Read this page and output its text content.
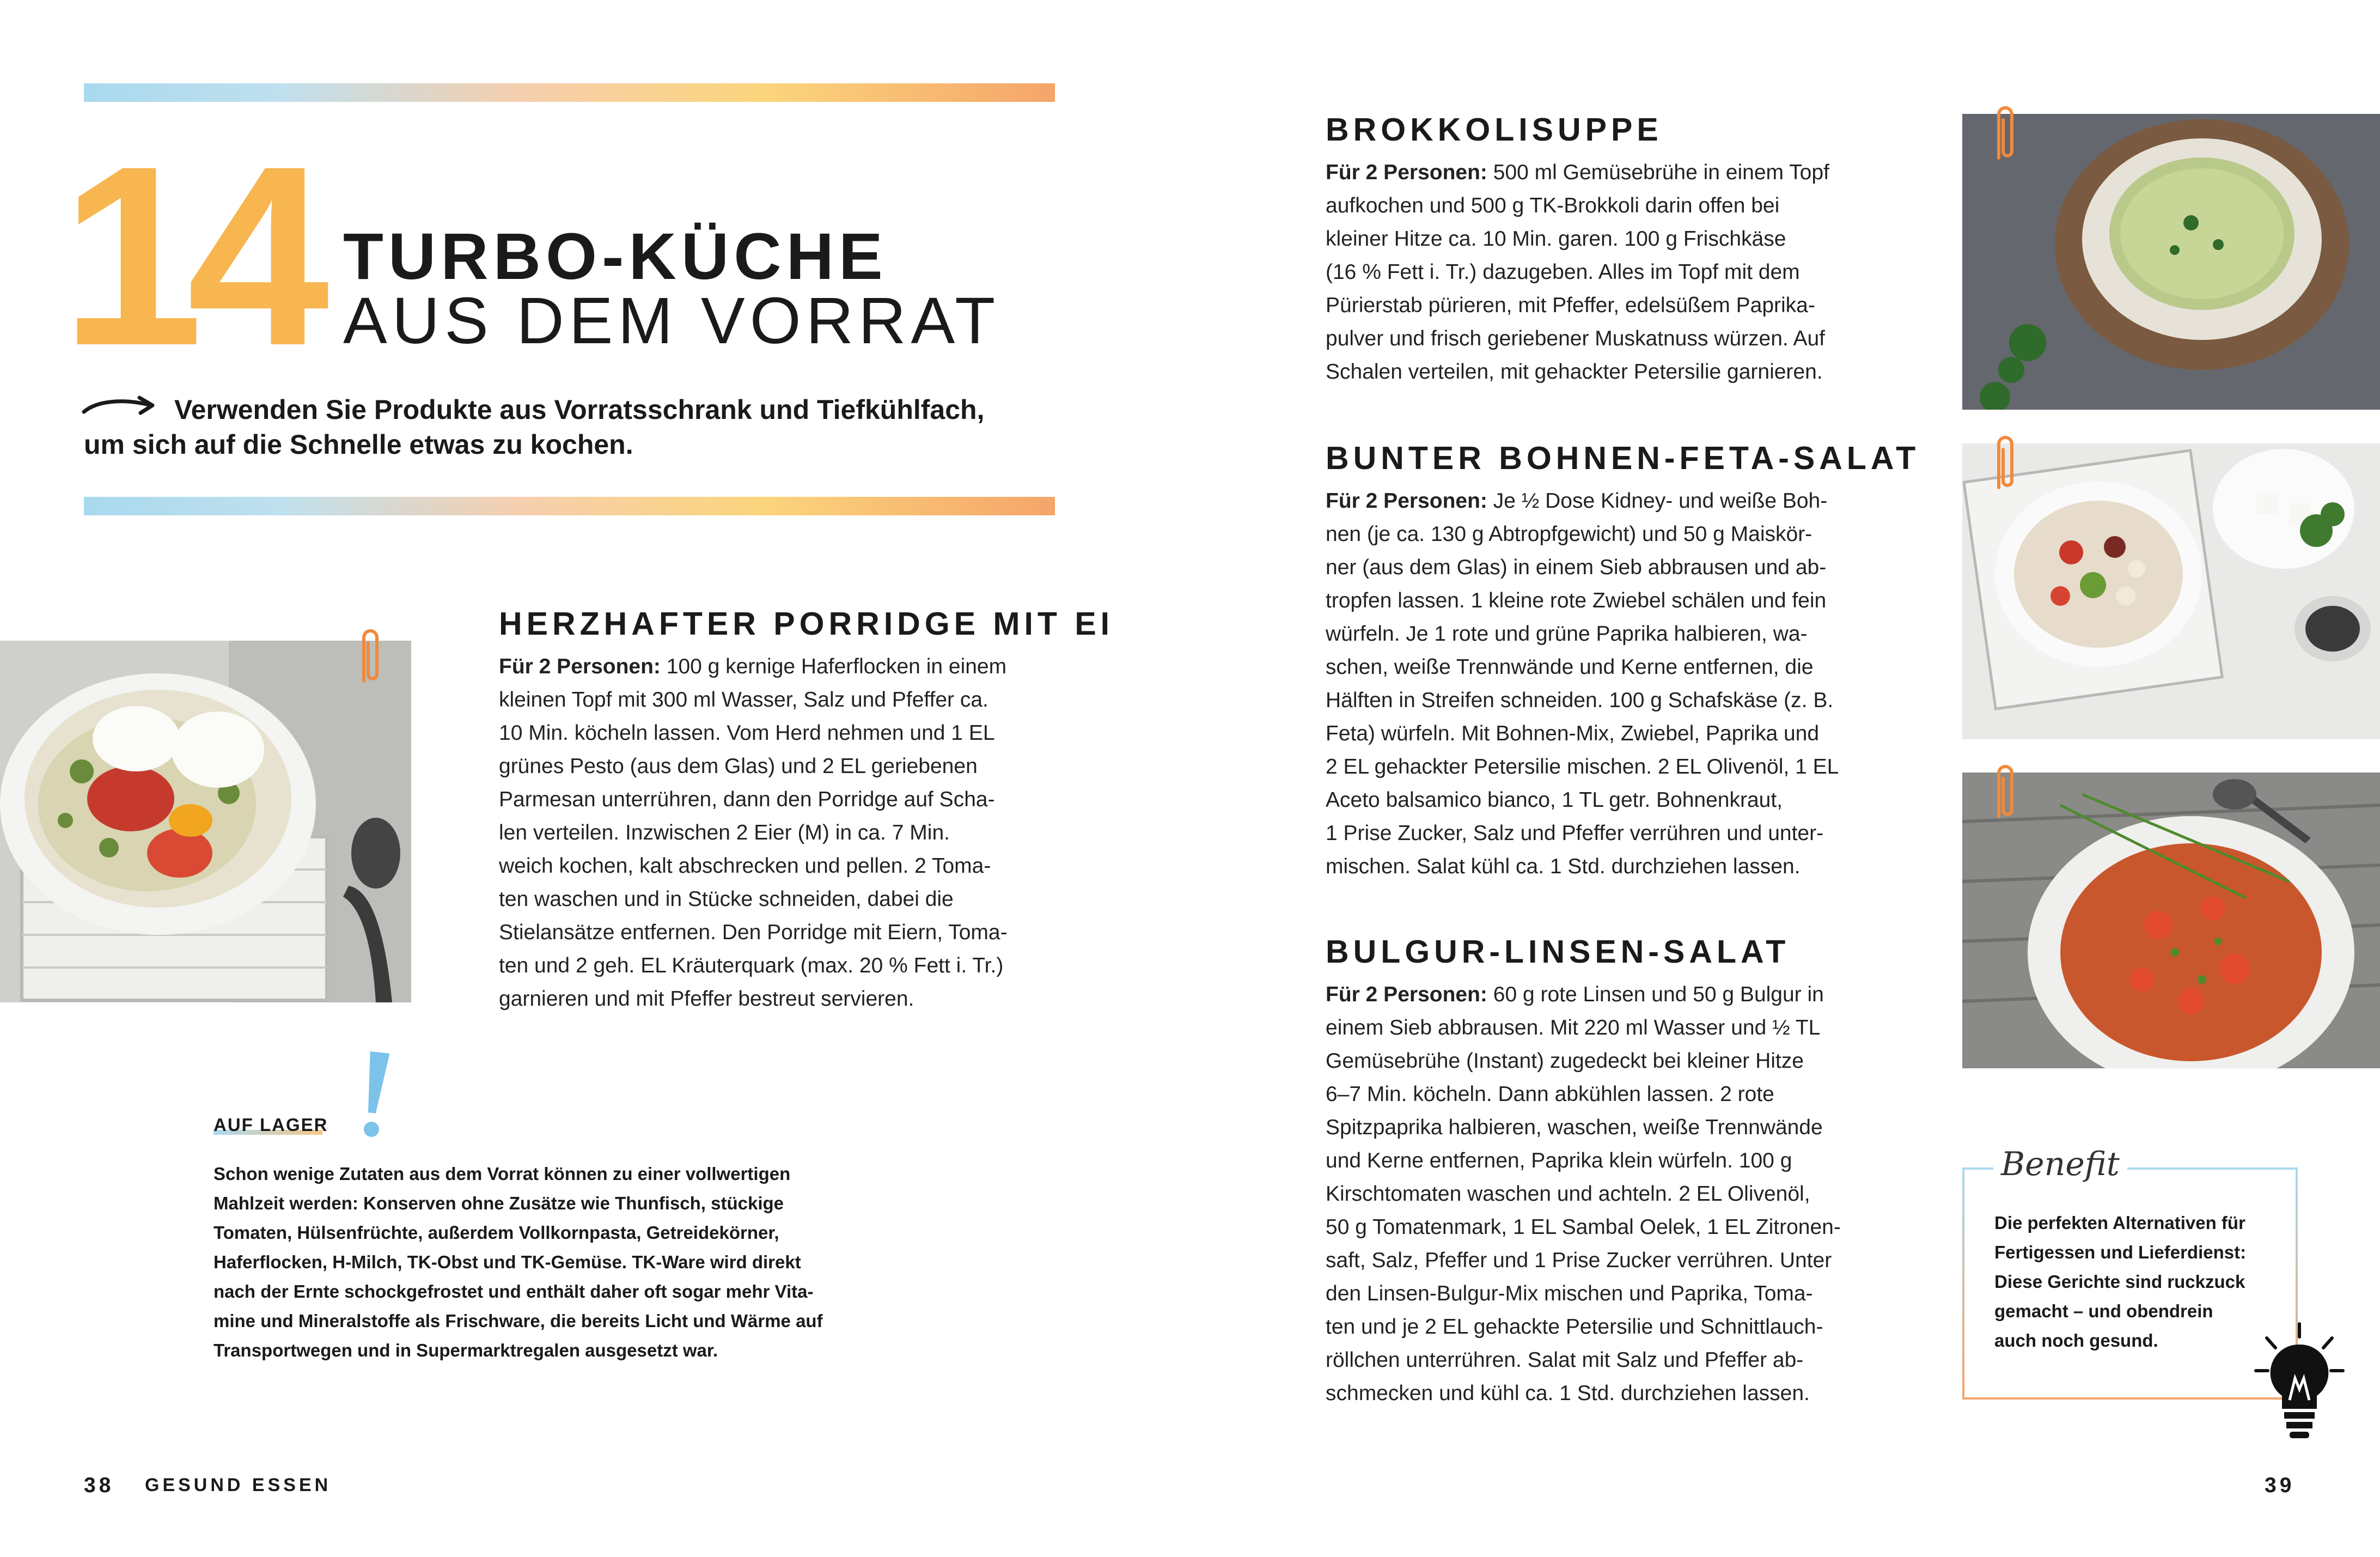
14 TURBO-KÜCHE
AUS DEM VORRAT
Verwenden Sie Produkte aus Vorratsschrank und Tiefkühlfach,
um sich auf die Schnelle etwas zu kochen.
HERZHAFTER PORRIDGE MIT EI
Für 2 Personen: 100 g kernige Haferflocken in einem
kleinen Topf mit 300 ml Wasser, Salz und Pfeffer ca.
10 Min. köcheln lassen. Vom Herd nehmen und 1 EL
grünes Pesto (aus dem Glas) und 2 EL geriebenen
Parmesan unterrühren, dann den Porridge auf Scha-
len verteilen. Inzwischen 2 Eier (M) in ca. 7 Min.
weich kochen, kalt abschrecken und pellen. 2 Toma-
ten waschen und in Stücke schneiden, dabei die
Stielansätze entfernen. Den Porridge mit Eiern, Toma-
ten und 2 geh. EL Kräuterquark (max. 20 % Fett i. Tr.)
garnieren und mit Pfeffer bestreut servieren.
AUF LAGER
Schon wenige Zutaten aus dem Vorrat können zu einer vollwertigen
Mahlzeit werden: Konserven ohne Zusätze wie Thunfisch, stückige
Tomaten, Hülsenfrüchte, außerdem Vollkornpasta, Getreidekörner,
Haferflocken, H-Milch, TK-Obst und TK-Gemüse. TK-Ware wird direkt
nach der Ernte schockgefrostet und enthält daher oft sogar mehr Vita-
mine und Mineralstoffe als Frischware, die bereits Licht und Wärme auf
Transportwegen und in Supermarktregalen ausgesetzt war.
38 GESUND ESSEN
BROKKOLISUPPE
Für 2 Personen: 500 ml Gemüsebrühe in einem Topf
aufkochen und 500 g TK-Brokkoli darin offen bei
kleiner Hitze ca. 10 Min. garen. 100 g Frischkäse
(16 % Fett i. Tr.) dazugeben. Alles im Topf mit dem
Pürierstab pürieren, mit Pfeffer, edelsüßem Paprika-
pulver und frisch geriebener Muskatnuss würzen. Auf
Schalen verteilen, mit gehackter Petersilie garnieren.
BUNTER BOHNEN-FETA-SALAT
Für 2 Personen: Je ½ Dose Kidney- und weiße Boh-
nen (je ca. 130 g Abtropfgewicht) und 50 g Maiskör-
ner (aus dem Glas) in einem Sieb abbrausen und ab-
tropfen lassen. 1 kleine rote Zwiebel schälen und fein
würfeln. Je 1 rote und grüne Paprika halbieren, wa-
schen, weiße Trennwände und Kerne entfernen, die
Hälften in Streifen schneiden. 100 g Schafskäse (z. B.
Feta) würfeln. Mit Bohnen-Mix, Zwiebel, Paprika und
2 EL gehackter Petersilie mischen. 2 EL Olivenöl, 1 EL
Aceto balsamico bianco, 1 TL getr. Bohnenkraut,
1 Prise Zucker, Salz und Pfeffer verrühren und unter-
mischen. Salat kühl ca. 1 Std. durchziehen lassen.
BULGUR-LINSEN-SALAT
Für 2 Personen: 60 g rote Linsen und 50 g Bulgur in
einem Sieb abbrausen. Mit 220 ml Wasser und ½ TL
Gemüsebrühe (Instant) zugedeckt bei kleiner Hitze
6–7 Min. köcheln. Dann abkühlen lassen. 2 rote
Spitzpaprika halbieren, waschen, weiße Trennwände
und Kerne entfernen, Paprika klein würfeln. 100 g
Kirschtomaten waschen und achteln. 2 EL Olivenöl,
50 g Tomatenmark, 1 EL Sambal Oelek, 1 EL Zitronen-
saft, Salz, Pfeffer und 1 Prise Zucker verrühren. Unter
den Linsen-Bulgur-Mix mischen und Paprika, Toma-
ten und je 2 EL gehackte Petersilie und Schnittlauch-
röllchen unterrühren. Salat mit Salz und Pfeffer ab-
schmecken und kühl ca. 1 Std. durchziehen lassen.
Benefit
Die perfekten Alternativen für
Fertigessen und Lieferdienst:
Diese Gerichte sind ruckzuck
gemacht – und obendrein
auch noch gesund.
39
